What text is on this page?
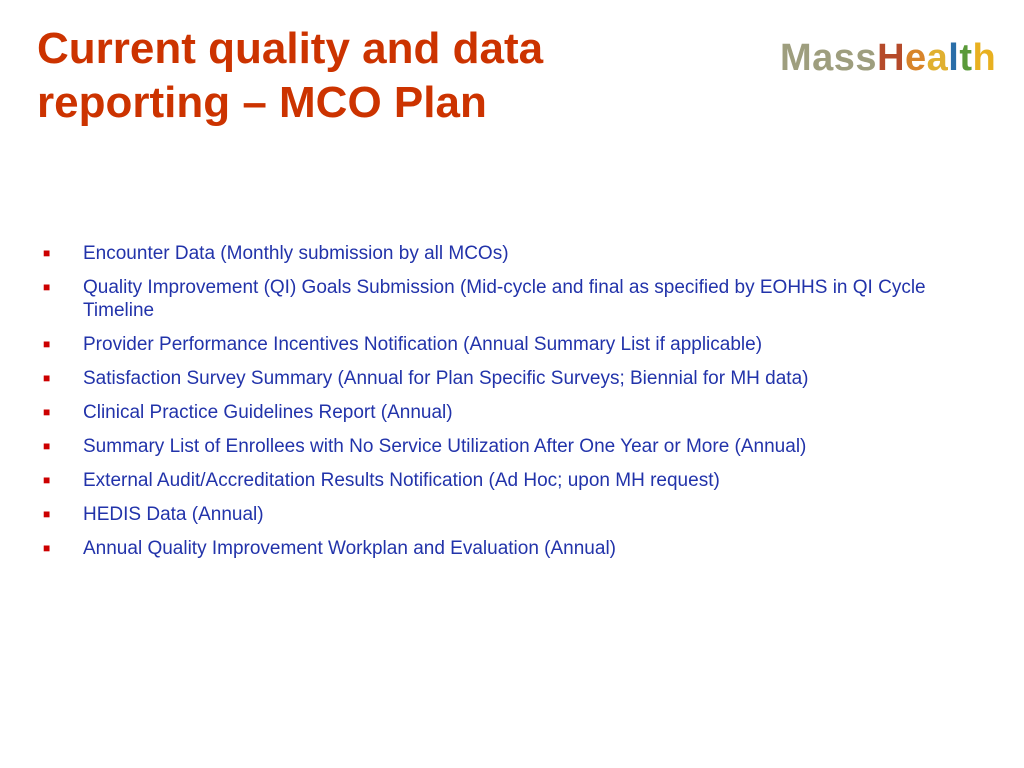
Current quality and data
reporting – MCO Plan
MassHealth
■	Encounter Data (Monthly submission by all MCOs)
■	Quality Improvement (QI) Goals Submission (Mid-cycle and final as specified by EOHHS in QI Cycle Timeline
■	Provider Performance Incentives Notification (Annual Summary List if applicable)
■	Satisfaction Survey Summary (Annual for Plan Specific Surveys; Biennial for MH data)
■	Clinical Practice Guidelines Report (Annual)
■	Summary List of Enrollees with No Service Utilization After One Year or More (Annual)
■	External Audit/Accreditation Results Notification (Ad Hoc; upon MH request)
■	HEDIS Data (Annual)
■	Annual Quality Improvement Workplan and Evaluation (Annual)
